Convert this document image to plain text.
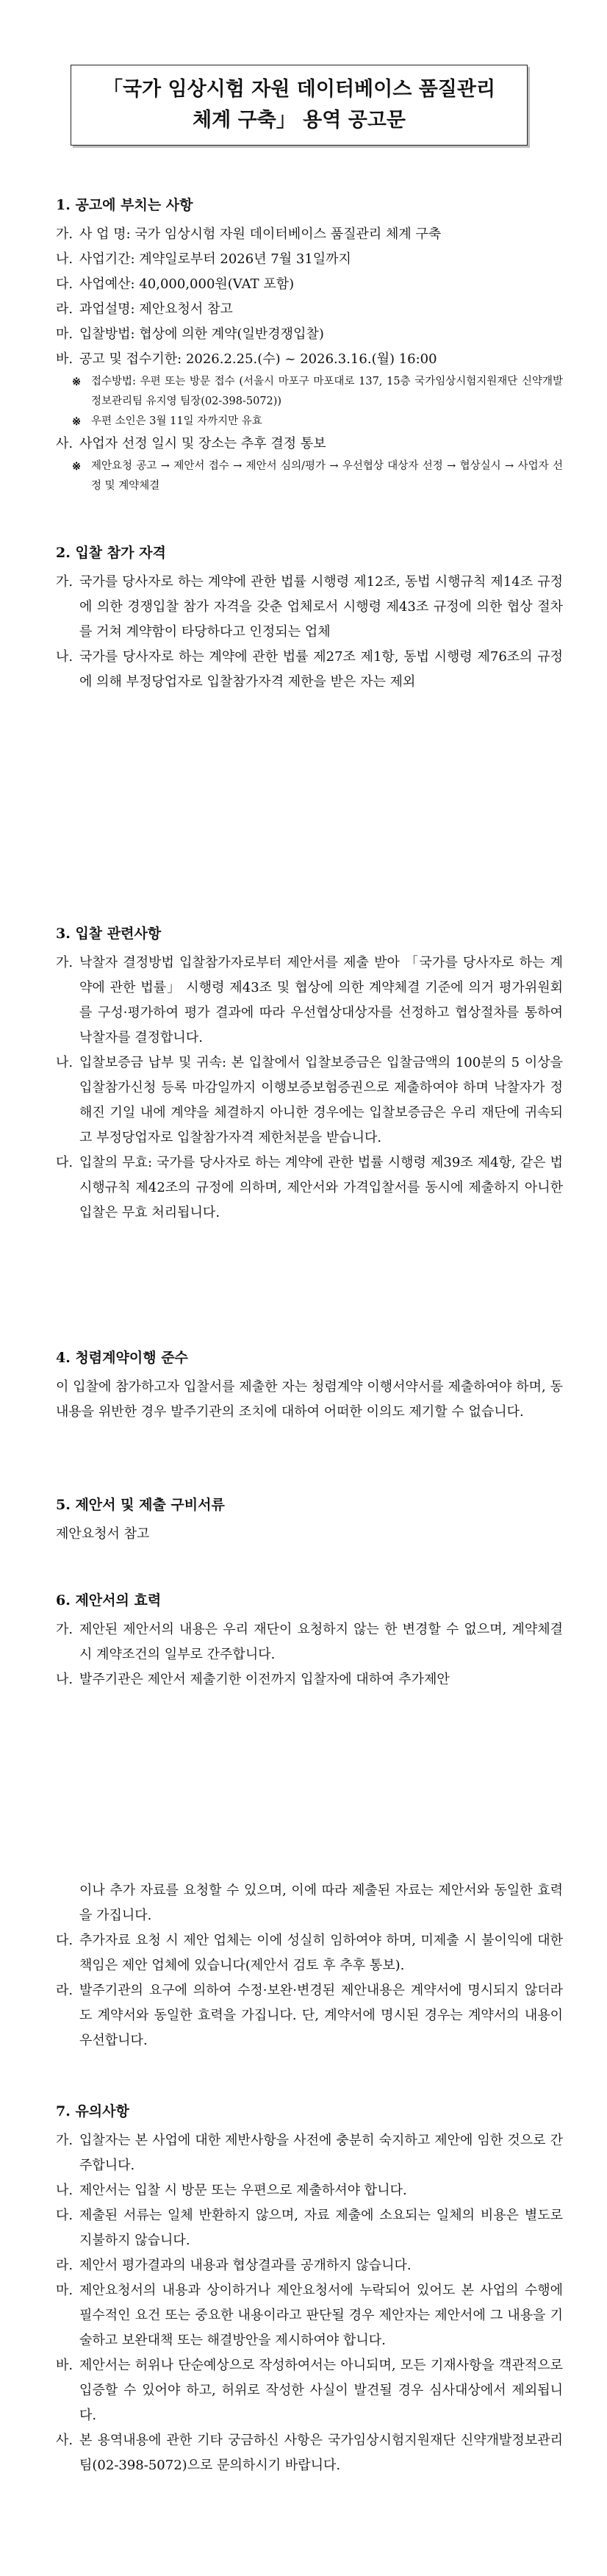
「국가 임상시험 자원 데이터베이스 품질관리
체계 구축」 용역 공고문
1. 공고에 부치는 사항
가. 사 업 명: 국가 임상시험 자원 데이터베이스 품질관리 체계 구축
나. 사업기간: 계약일로부터 2026년 7월 31일까지
다. 사업예산: 40,000,000원(VAT 포함)
라. 과업설명: 제안요청서 참고
마. 입찰방법: 협상에 의한 계약(일반경쟁입찰)
바. 공고 및 접수기한: 2026.2.25.(수) ~ 2026.3.16.(월) 16:00
※ 접수방법: 우편 또는 방문 접수 (서울시 마포구 마포대로 137, 15층 국가임상시험지원재단 신약개발정보관리팀 유지영 팀장(02-398-5072))
※ 우편 소인은 3월 11일 자까지만 유효
사. 사업자 선정 일시 및 장소는 추후 결정 통보
※ 제안요청 공고 → 제안서 접수 → 제안서 심의/평가 → 우선협상 대상자 선정 → 협상실시 → 사업자 선정 및 계약체결
2. 입찰 참가 자격
가. 국가를 당사자로 하는 계약에 관한 법률 시행령 제12조, 동법 시행규칙 제14조 규정에 의한 경쟁입찰 참가 자격을 갖춘 업체로서 시행령 제43조 규정에 의한 협상 절차를 거쳐 계약함이 타당하다고 인정되는 업체
나. 국가를 당사자로 하는 계약에 관한 법률 제27조 제1항, 동법 시행령 제76조의 규정에 의해 부정당업자로 입찰참가자격 제한을 받은 자는 제외
3. 입찰 관련사항
가. 낙찰자 결정방법 입찰참가자로부터 제안서를 제출 받아 「국가를 당사자로 하는 계약에 관한 법률」 시행령 제43조 및 협상에 의한 계약체결 기준에 의거 평가위원회를 구성·평가하여 평가 결과에 따라 우선협상대상자를 선정하고 협상절차를 통하여 낙찰자를 결정합니다.
나. 입찰보증금 납부 및 귀속: 본 입찰에서 입찰보증금은 입찰금액의 100분의 5 이상을 입찰참가신청 등록 마감일까지 이행보증보험증권으로 제출하여야 하며 낙찰자가 정해진 기일 내에 계약을 체결하지 아니한 경우에는 입찰보증금은 우리 재단에 귀속되고 부정당업자로 입찰참가자격 제한처분을 받습니다.
다. 입찰의 무효: 국가를 당사자로 하는 계약에 관한 법률 시행령 제39조 제4항, 같은 법 시행규칙 제42조의 규정에 의하며, 제안서와 가격입찰서를 동시에 제출하지 아니한 입찰은 무효 처리됩니다.
4. 청렴계약이행 준수
이 입찰에 참가하고자 입찰서를 제출한 자는 청렴계약 이행서약서를 제출하여야 하며, 동 내용을 위반한 경우 발주기관의 조치에 대하여 어떠한 이의도 제기할 수 없습니다.
5. 제안서 및 제출 구비서류
제안요청서 참고
6. 제안서의 효력
가. 제안된 제안서의 내용은 우리 재단이 요청하지 않는 한 변경할 수 없으며, 계약체결 시 계약조건의 일부로 간주합니다.
나. 발주기관은 제안서 제출기한 이전까지 입찰자에 대하여 추가제안
이나 추가 자료를 요청할 수 있으며, 이에 따라 제출된 자료는 제안서와 동일한 효력을 가집니다.
다. 추가자료 요청 시 제안 업체는 이에 성실히 임하여야 하며, 미제출 시 불이익에 대한 책임은 제안 업체에 있습니다(제안서 검토 후 추후 통보).
라. 발주기관의 요구에 의하여 수정·보완·변경된 제안내용은 계약서에 명시되지 않더라도 계약서와 동일한 효력을 가집니다. 단, 계약서에 명시된 경우는 계약서의 내용이 우선합니다.
7. 유의사항
가. 입찰자는 본 사업에 대한 제반사항을 사전에 충분히 숙지하고 제안에 임한 것으로 간주합니다.
나. 제안서는 입찰 시 방문 또는 우편으로 제출하셔야 합니다.
다. 제출된 서류는 일체 반환하지 않으며, 자료 제출에 소요되는 일체의 비용은 별도로 지불하지 않습니다.
라. 제안서 평가결과의 내용과 협상결과를 공개하지 않습니다.
마. 제안요청서의 내용과 상이하거나 제안요청서에 누락되어 있어도 본 사업의 수행에 필수적인 요건 또는 중요한 내용이라고 판단될 경우 제안자는 제안서에 그 내용을 기술하고 보완대책 또는 해결방안을 제시하여야 합니다.
바. 제안서는 허위나 단순예상으로 작성하여서는 아니되며, 모든 기재사항을 객관적으로 입증할 수 있어야 하고, 허위로 작성한 사실이 발견될 경우 심사대상에서 제외됩니다.
사. 본 용역내용에 관한 기타 궁금하신 사항은 국가임상시험지원재단 신약개발정보관리팀(02-398-5072)으로 문의하시기 바랍니다.
